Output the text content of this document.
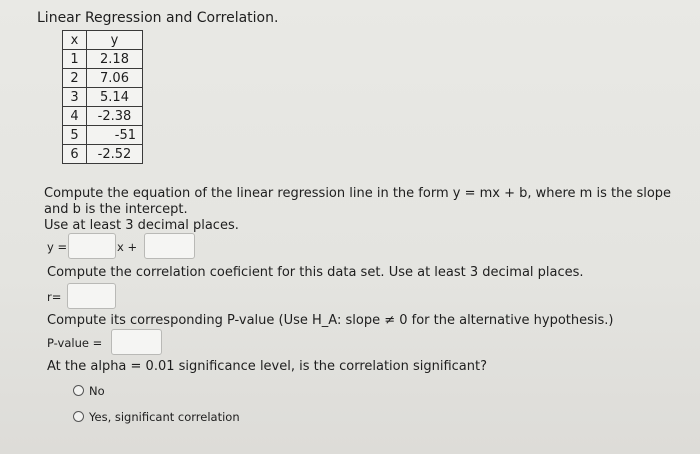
Linear Regression and Correlation.
x	y
1	2.18
2	7.06
3	5.14
4	-2.38
5	-51
6	-2.52
Compute the equation of the linear regression line in the form y = mx + b, where m is the slope
and b is the intercept.
Use at least 3 decimal places.
y =	x +
Compute the correlation coeficient for this data set. Use at least 3 decimal places.
r=
Compute its corresponding P-value (Use H_A: slope ≠ 0 for the alternative hypothesis.)
P-value =
At the alpha = 0.01 significance level, is the correlation significant?
No
Yes, significant correlation
